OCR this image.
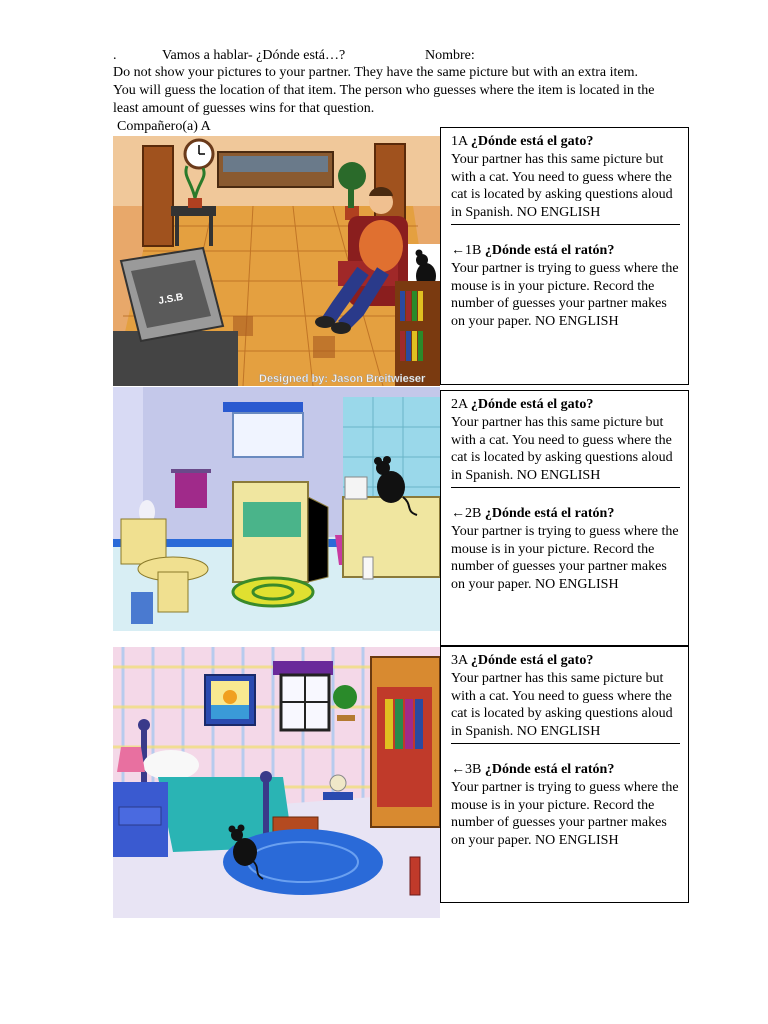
.	Vamos a hablar- ¿Dónde está…?	Nombre:
Do not show your pictures to your partner. They have the same picture but with an extra item. You will guess the location of that item. The person who guesses where the item is located in the least amount of guesses wins for that question.
Compañero(a) A
J.S.B
Designed by: Jason Breitwieser
1A ¿Dónde está el gato?
Your partner has this same picture but with a cat. You need to guess where the cat is located by asking questions aloud in Spanish. NO ENGLISH
←1B ¿Dónde está el ratón?
Your partner is trying to guess where the mouse is in your picture. Record the number of guesses your partner makes on your paper. NO ENGLISH
2A ¿Dónde está el gato?
Your partner has this same picture but with a cat. You need to guess where the cat is located by asking questions aloud in Spanish. NO ENGLISH
←2B ¿Dónde está el ratón?
Your partner is trying to guess where the mouse is in your picture. Record the number of guesses your partner makes on your paper. NO ENGLISH
3A ¿Dónde está el gato?
Your partner has this same picture but with a cat. You need to guess where the cat is located by asking questions aloud in Spanish. NO ENGLISH
←3B ¿Dónde está el ratón?
Your partner is trying to guess where the mouse is in your picture. Record the number of guesses your partner makes on your paper. NO ENGLISH
